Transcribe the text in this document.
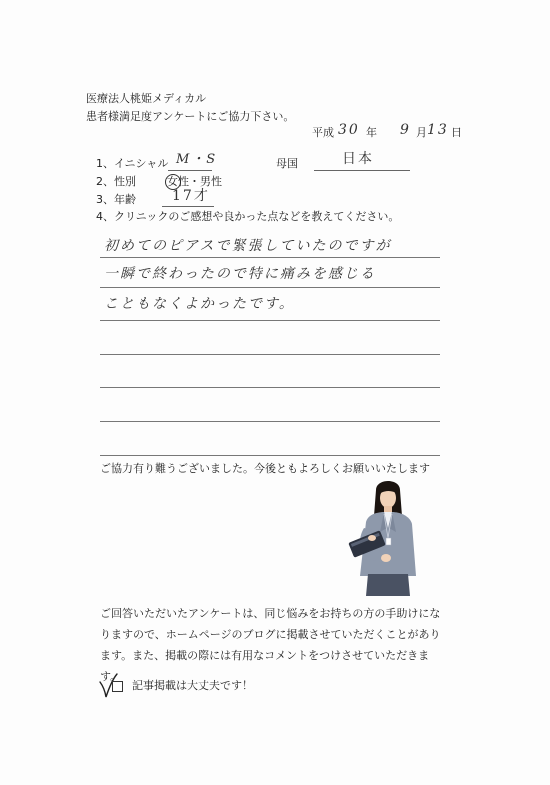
医療法人桃姫メディカル
患者様満足度アンケートにご協力下さい。
平成 30 年 9 月 13 日
1、イニシャル M・S	母国	日本
2、性別	女性・男性
3、年齢	17才
4、クリニックのご感想や良かった点などを教えてください。
初めてのピアスで緊張していたのですが
一瞬で終わったので特に痛みを感じる
こともなくよかったです。
ご協力有り難うございました。今後ともよろしくお願いいたします
ご回答いただいたアンケートは、同じ悩みをお持ちの方の手助けになりますので、ホームページのブログに掲載させていただくことがあります。また、掲載の際には有用なコメントをつけさせていただきます。
記事掲載は大丈夫です！
